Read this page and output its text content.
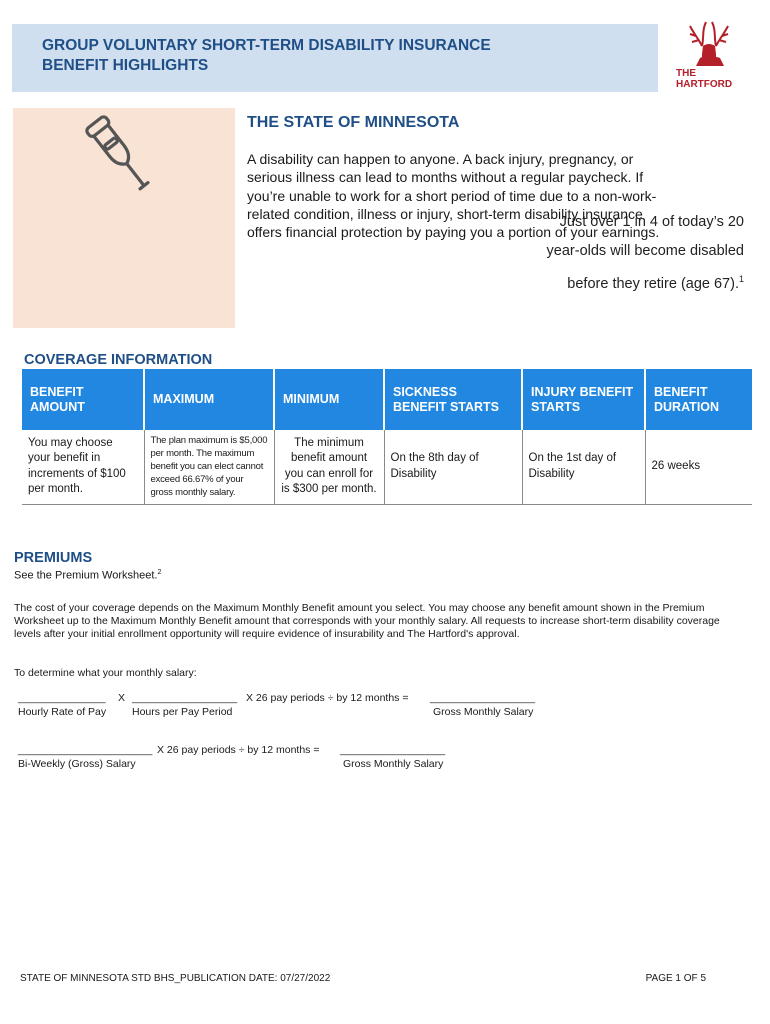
GROUP VOLUNTARY SHORT-TERM DISABILITY INSURANCE
BENEFIT HIGHLIGHTS	THE
HARTFORD
Just over 1 in 4 of today’s 20 year-olds will become disabled before they retire (age 67).$^1$
THE STATE OF MINNESOTA
A disability can happen to anyone. A back injury, pregnancy, or serious illness can lead to months without a regular paycheck. If you’re unable to work for a short period of time due to a non-work-related condition, illness or injury, short-term disability insurance offers financial protection by paying you a portion of your earnings.
COVERAGE INFORMATION
BENEFIT AMOUNT	MAXIMUM	MINIMUM	SICKNESS BENEFIT STARTS	INJURY BENEFIT STARTS	BENEFIT DURATION
You may choose your benefit in increments of $100 per month.	The plan maximum is $5,000 per month. The maximum benefit you can elect cannot exceed 66.67% of your gross monthly salary.	The minimum benefit amount you can enroll for is $300 per month.	On the 8th day of Disability	On the 1st day of Disability	26 weeks
PREMIUMS
See the Premium Worksheet.$^2$
The cost of your coverage depends on the Maximum Monthly Benefit amount you select. You may choose any benefit amount shown in the Premium Worksheet up to the Maximum Monthly Benefit amount that corresponds with your monthly salary. All requests to increase short-term disability coverage levels after your initial enrollment opportunity will require evidence of insurability and The Hartford's approval.
To determine what your monthly salary:
_______________ X __________________ X 26 pay periods ÷ by 12 months = __________________
Hourly Rate of Pay Hours per Pay Period	Gross Monthly Salary
_______________________ X 26 pay periods ÷ by 12 months = __________________
Bi-Weekly (Gross) Salary	Gross Monthly Salary
STATE OF MINNESOTA STD BHS_PUBLICATION DATE: 07/27/2022	PAGE 1 OF 5
